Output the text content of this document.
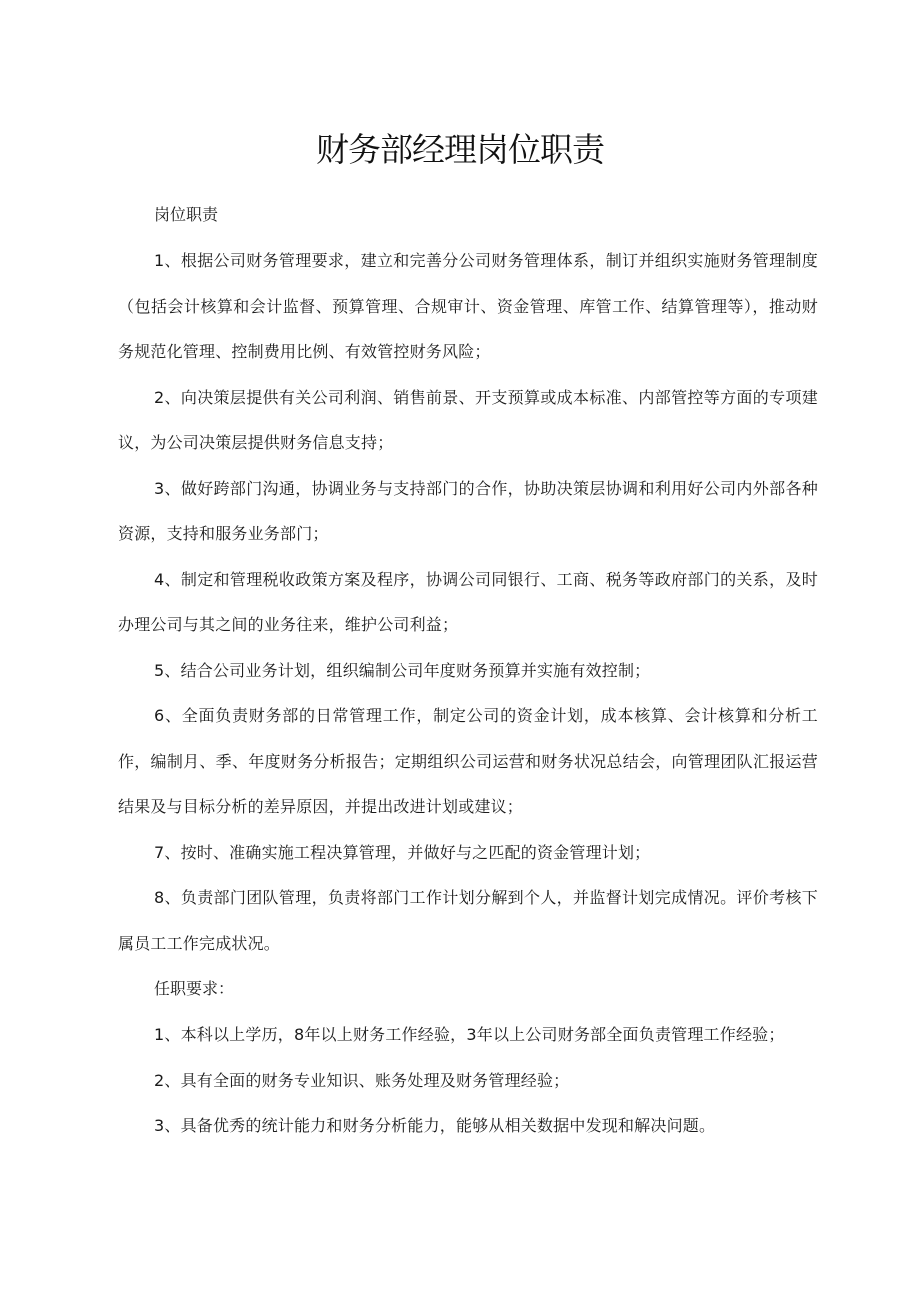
财务部经理岗位职责

岗位职责

1、根据公司财务管理要求，建立和完善分公司财务管理体系，制订并组织实施财务管理制度（包括会计核算和会计监督、预算管理、合规审计、资金管理、库管工作、结算管理等），推动财务规范化管理、控制费用比例、有效管控财务风险；

2、向决策层提供有关公司利润、销售前景、开支预算或成本标准、内部管控等方面的专项建议，为公司决策层提供财务信息支持；

3、做好跨部门沟通，协调业务与支持部门的合作，协助决策层协调和利用好公司内外部各种资源，支持和服务业务部门；

4、制定和管理税收政策方案及程序，协调公司同银行、工商、税务等政府部门的关系，及时办理公司与其之间的业务往来，维护公司利益；

5、结合公司业务计划，组织编制公司年度财务预算并实施有效控制；

6、全面负责财务部的日常管理工作，制定公司的资金计划，成本核算、会计核算和分析工作，编制月、季、年度财务分析报告；定期组织公司运营和财务状况总结会，向管理团队汇报运营结果及与目标分析的差异原因，并提出改进计划或建议；

7、按时、准确实施工程决算管理，并做好与之匹配的资金管理计划；

8、负责部门团队管理，负责将部门工作计划分解到个人，并监督计划完成情况。评价考核下属员工工作完成状况。

任职要求：

1、本科以上学历，8年以上财务工作经验，3年以上公司财务部全面负责管理工作经验；

2、具有全面的财务专业知识、账务处理及财务管理经验；

3、具备优秀的统计能力和财务分析能力，能够从相关数据中发现和解决问题。
